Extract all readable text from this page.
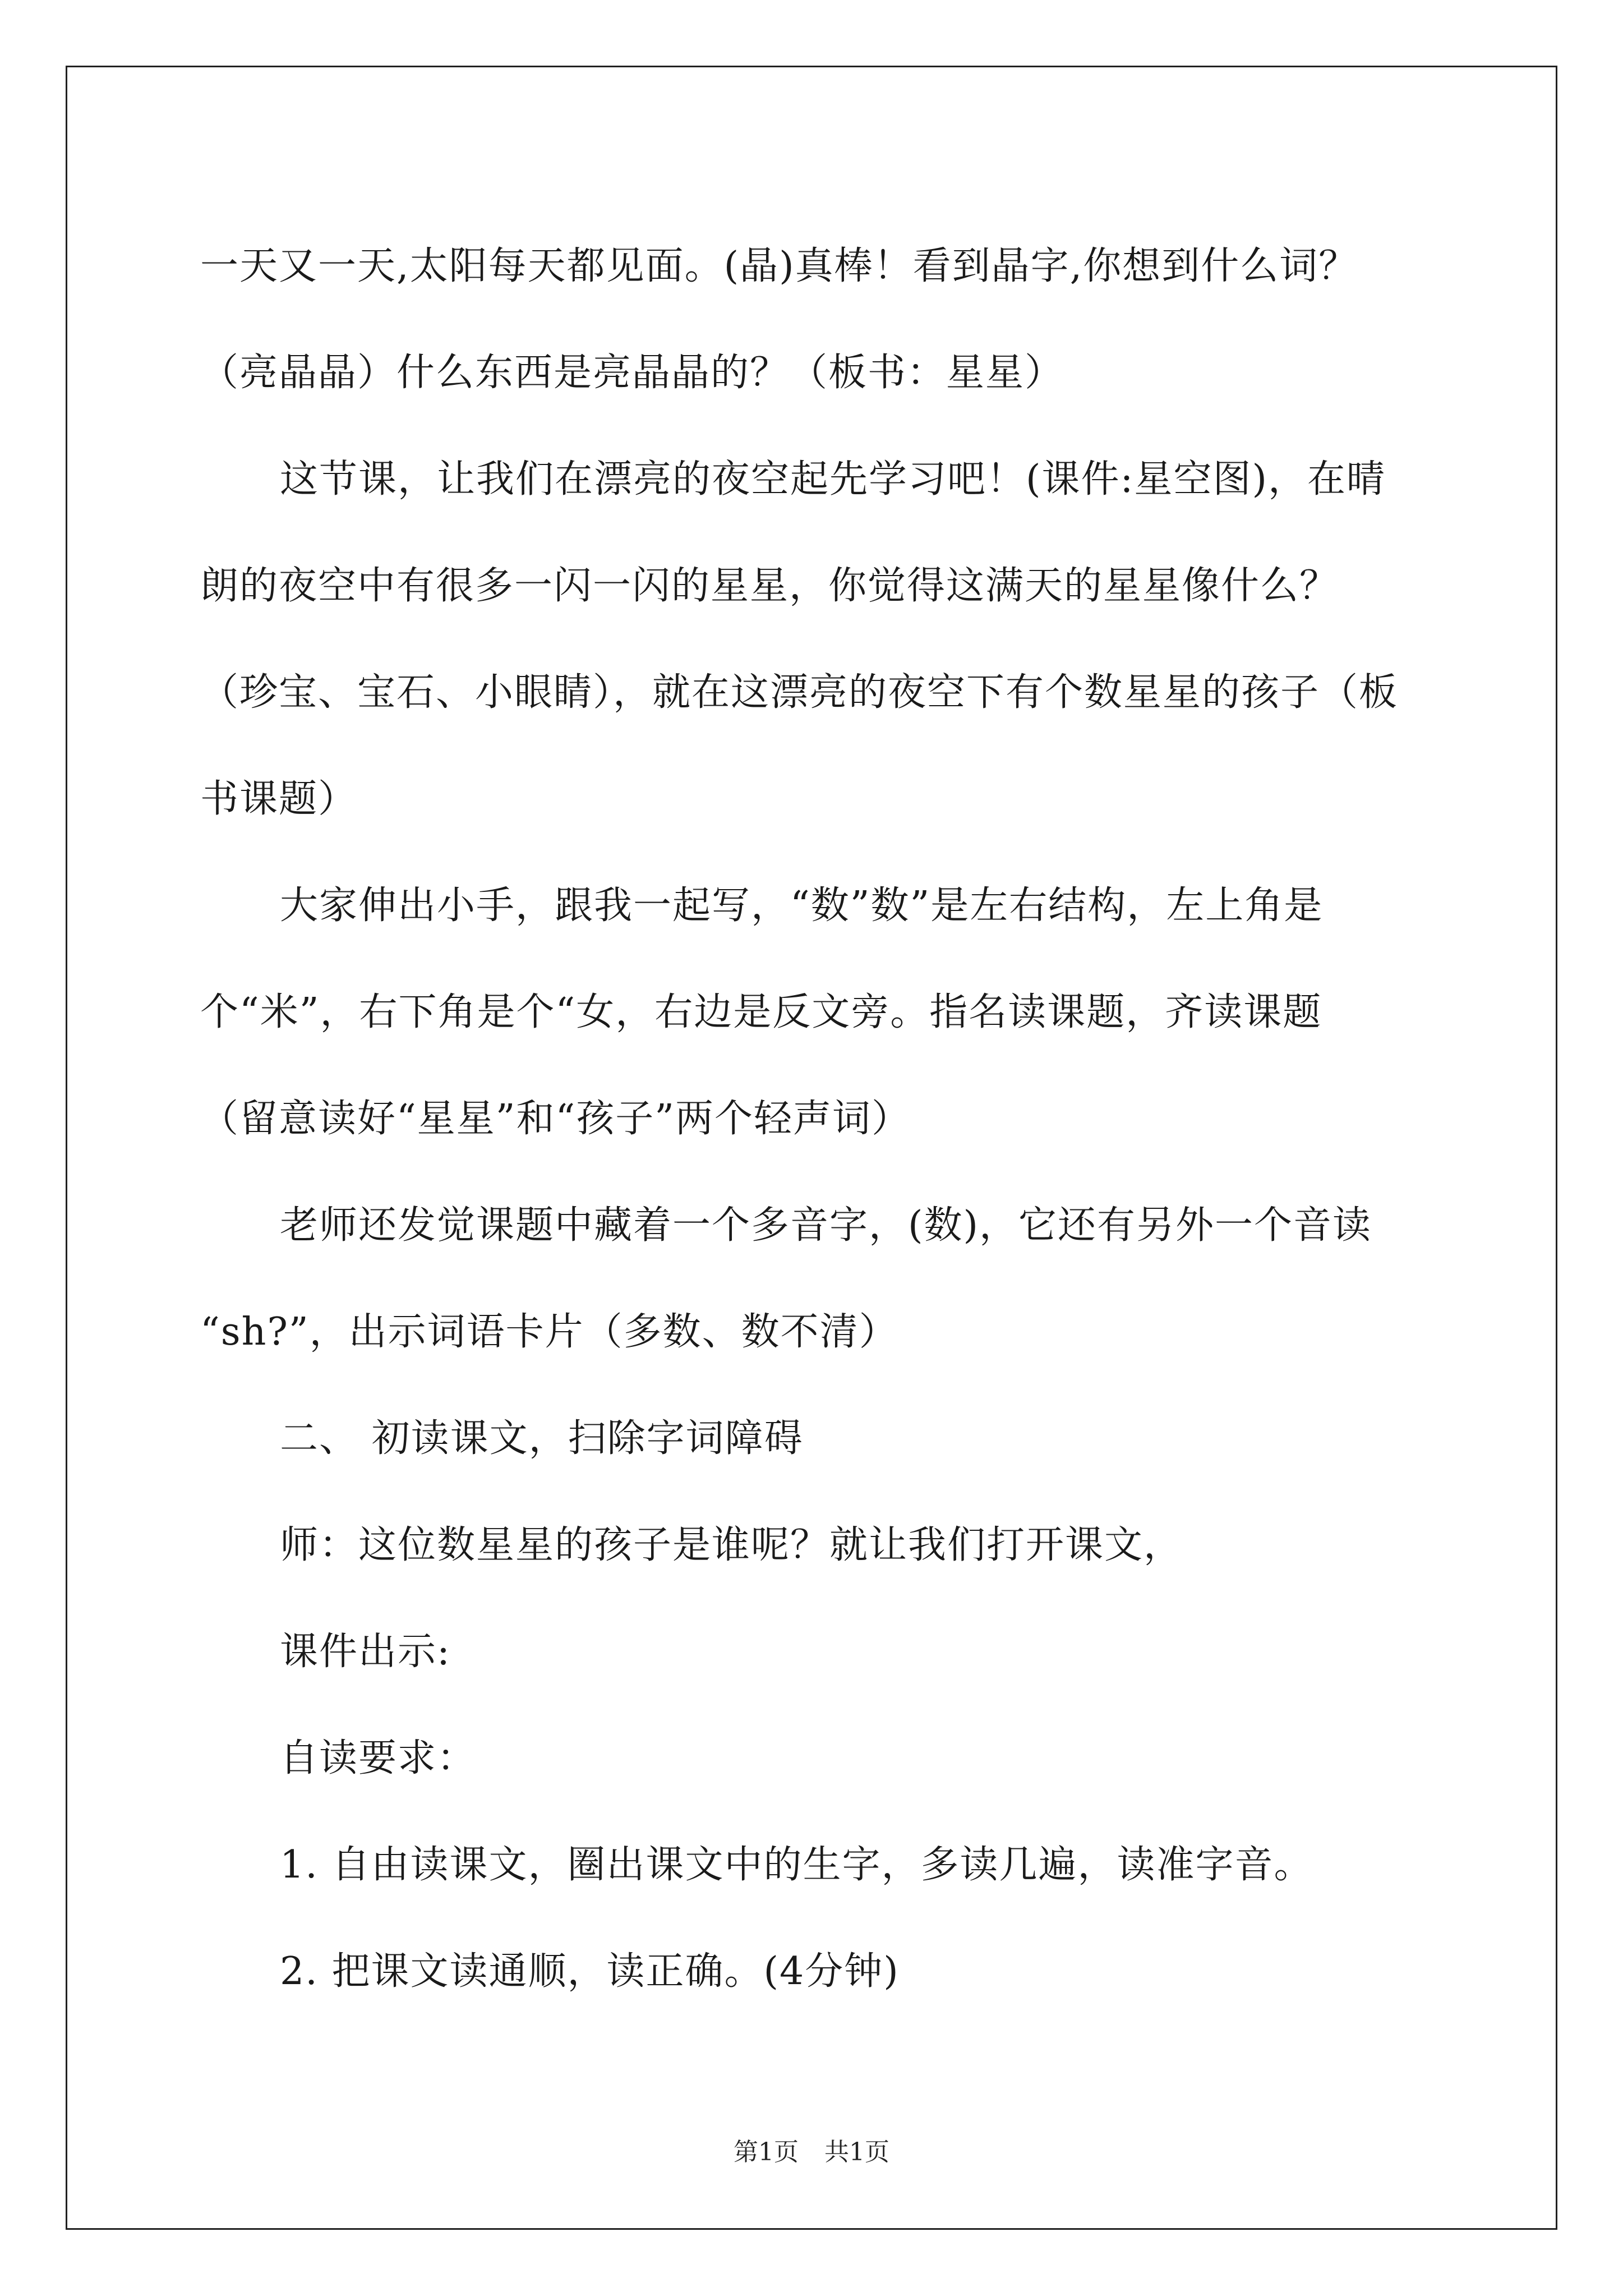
一天又一天,太阳每天都见面。(晶)真棒！看到晶字,你想到什么词？
（亮晶晶）什么东西是亮晶晶的？（板书：星星）
这节课，让我们在漂亮的夜空起先学习吧！(课件:星空图)，在晴
朗的夜空中有很多一闪一闪的星星，你觉得这满天的星星像什么？
（珍宝、宝石、小眼睛），就在这漂亮的夜空下有个数星星的孩子（板
书课题）
大家伸出小手，跟我一起写，“数”数”是左右结构，左上角是
个“米”，右下角是个“女，右边是反文旁。指名读课题，齐读课题
（留意读好“星星”和“孩子”两个轻声词）
老师还发觉课题中藏着一个多音字，(数)，它还有另外一个音读
“sh?”，出示词语卡片（多数、数不清）
二、 初读课文，扫除字词障碍
师：这位数星星的孩子是谁呢？就让我们打开课文，
课件出示:
自读要求：
1. 自由读课文，圈出课文中的生字，多读几遍，读准字音。
2. 把课文读通顺，读正确。(4分钟)
第1页 共1页
